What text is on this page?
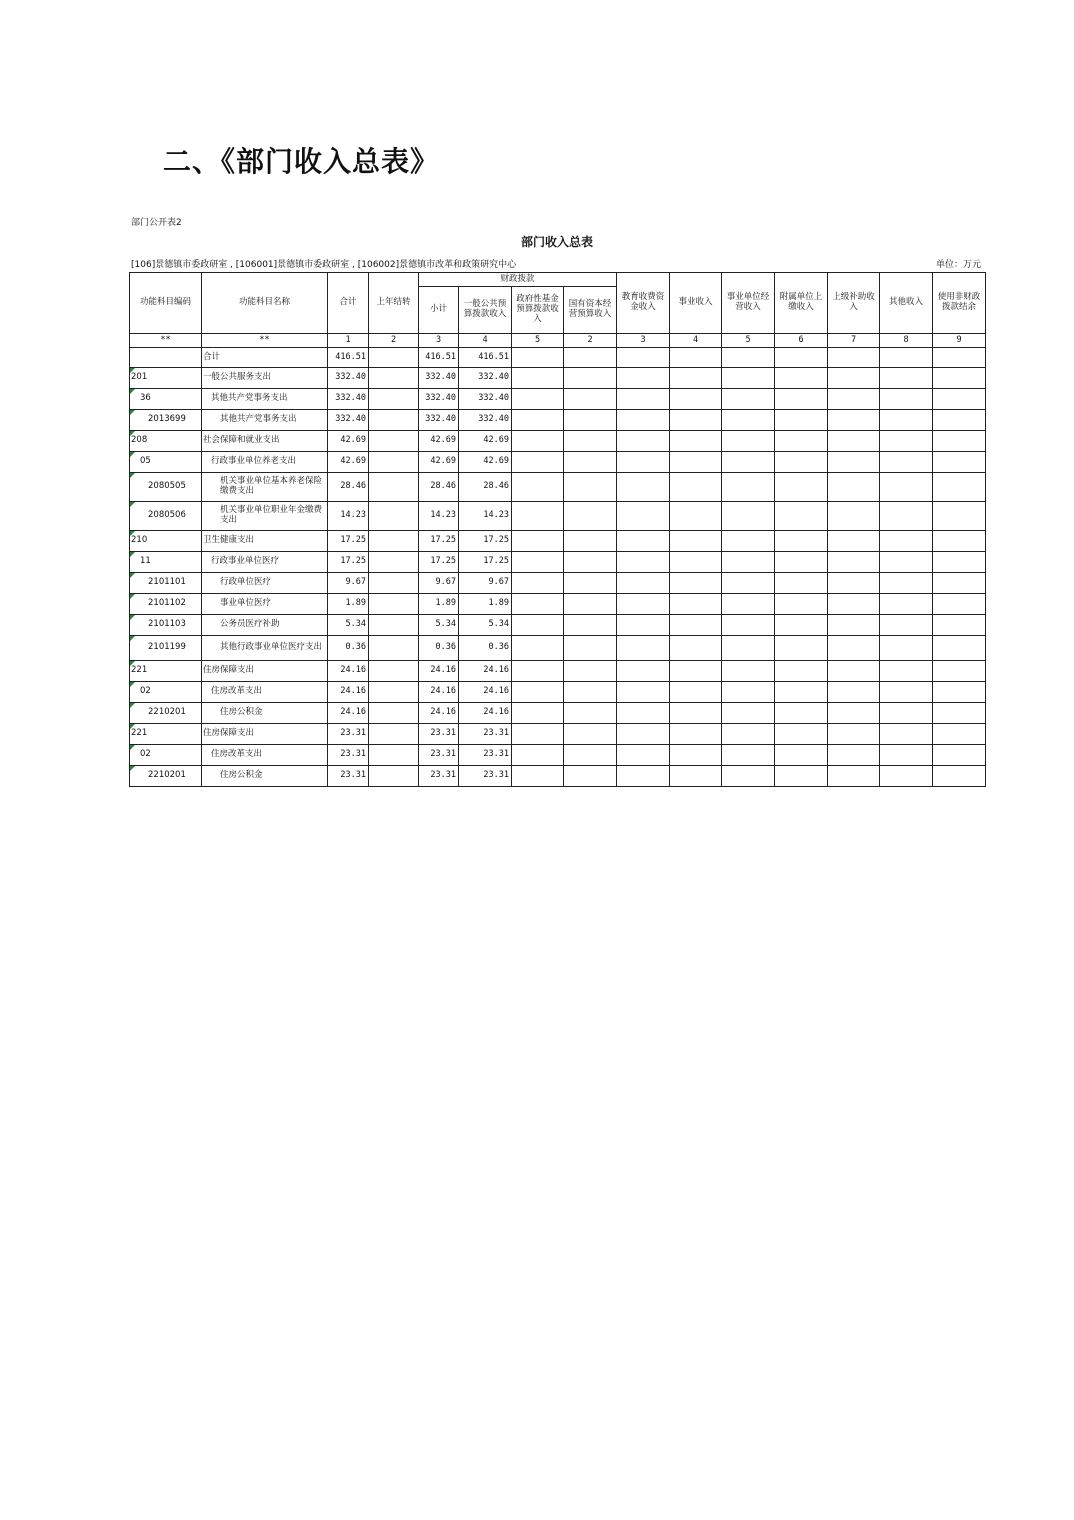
二、《部门收入总表》
部门公开表2
部门收入总表
[106]景德镇市委政研室 , [106001]景德镇市委政研室 , [106002]景德镇市改革和政策研究中心	单位：万元
功能科目编码	功能科目名称	合计	上年结转	财政拨款				教育收费资金收入	事业收入	事业单位经营收入	附属单位上缴收入	上级补助收入	其他收入	使用非财政拨款结余
				小计	一般公共预算拨款收入	政府性基金预算拨款收入	国有资本经营预算收入							
**	**	1	2	3	4	5	2	3	4	5	6	7	8	9
	合计	416.51		416.51	416.51									
201	一般公共服务支出	332.40		332.40	332.40									
36	其他共产党事务支出	332.40		332.40	332.40									
2013699	其他共产党事务支出	332.40		332.40	332.40									
208	社会保障和就业支出	42.69		42.69	42.69									
05	行政事业单位养老支出	42.69		42.69	42.69									
2080505	机关事业单位基本养老保险缴费支出	28.46		28.46	28.46									
2080506	机关事业单位职业年金缴费支出	14.23		14.23	14.23									
210	卫生健康支出	17.25		17.25	17.25									
11	行政事业单位医疗	17.25		17.25	17.25									
2101101	行政单位医疗	9.67		9.67	9.67									
2101102	事业单位医疗	1.89		1.89	1.89									
2101103	公务员医疗补助	5.34		5.34	5.34									
2101199	其他行政事业单位医疗支出	0.36		0.36	0.36									
221	住房保障支出	24.16		24.16	24.16									
02	住房改革支出	24.16		24.16	24.16									
2210201	住房公积金	24.16		24.16	24.16									
221	住房保障支出	23.31		23.31	23.31									
02	住房改革支出	23.31		23.31	23.31									
2210201	住房公积金	23.31		23.31	23.31									
